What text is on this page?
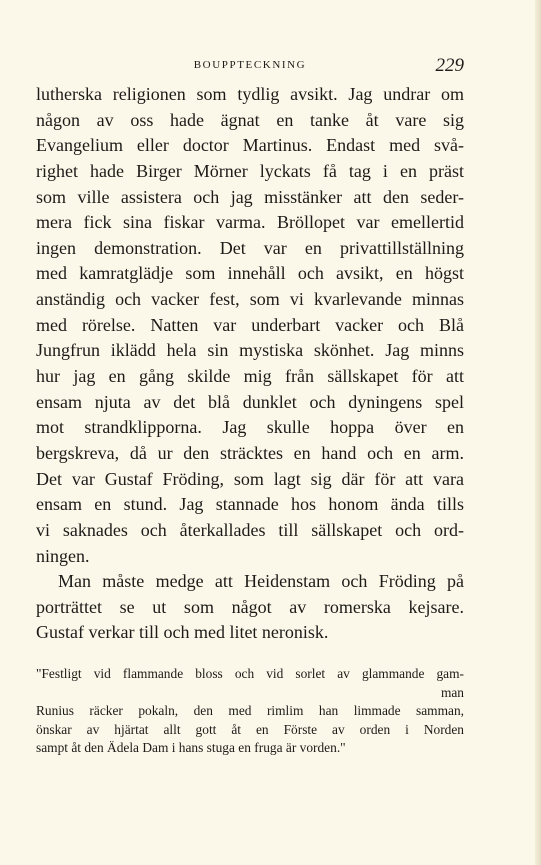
BOUPPTECKNING	229
lutherska religionen som tydlig avsikt. Jag undrar om
någon av oss hade ägnat en tanke åt vare sig
Evangelium eller doctor Martinus. Endast med svå-
righet hade Birger Mörner lyckats få tag i en präst
som ville assistera och jag misstänker att den seder-
mera fick sina fiskar varma. Bröllopet var emellertid
ingen demonstration. Det var en privattillställning
med kamratglädje som innehåll och avsikt, en högst
anständig och vacker fest, som vi kvarlevande minnas
med rörelse. Natten var underbart vacker och Blå
Jungfrun iklädd hela sin mystiska skönhet. Jag minns
hur jag en gång skilde mig från sällskapet för att
ensam njuta av det blå dunklet och dyningens spel
mot strandklipporna. Jag skulle hoppa över en
bergskreva, då ur den sträcktes en hand och en arm.
Det var Gustaf Fröding, som lagt sig där för att vara
ensam en stund. Jag stannade hos honom ända tills
vi saknades och återkallades till sällskapet och ord-
ningen.
Man måste medge att Heidenstam och Fröding på
porträttet se ut som något av romerska kejsare.
Gustaf verkar till och med litet neronisk.
"Festligt vid flammande bloss och vid sorlet av glammande gam-
man
Runius räcker pokaln, den med rimlim han limmade samman,
önskar av hjärtat allt gott åt en Förste av orden i Norden
sampt åt den Ädela Dam i hans stuga en fruga är vorden."
